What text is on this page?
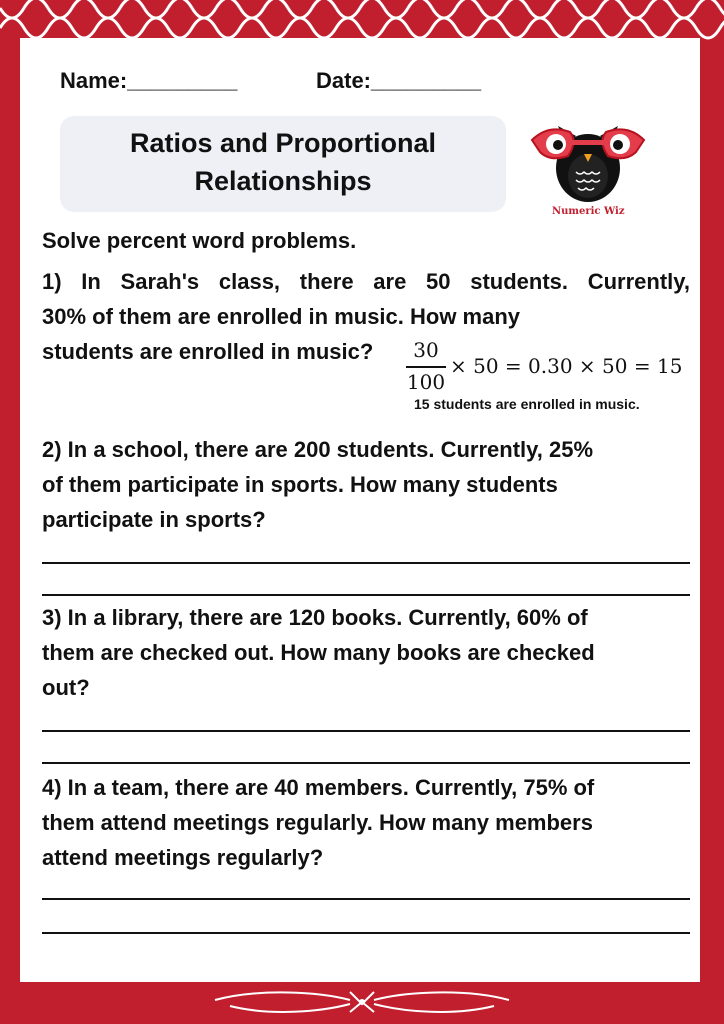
Name:_________	Date:_________
Ratios and Proportional
Relationships
Numeric Wiz
Solve percent word problems.
1) In Sarah's class, there are 50 students. Currently,
30% of them are enrolled in music. How many
students are enrolled in music?	30
100
× 50 = 0.30 × 50 = 15
15 students are enrolled in music.
2) In a school, there are 200 students. Currently, 25%
of them participate in sports. How many students
participate in sports?
3) In a library, there are 120 books. Currently, 60% of
them are checked out. How many books are checked
out?
4) In a team, there are 40 members. Currently, 75% of
them attend meetings regularly. How many members
attend meetings regularly?
